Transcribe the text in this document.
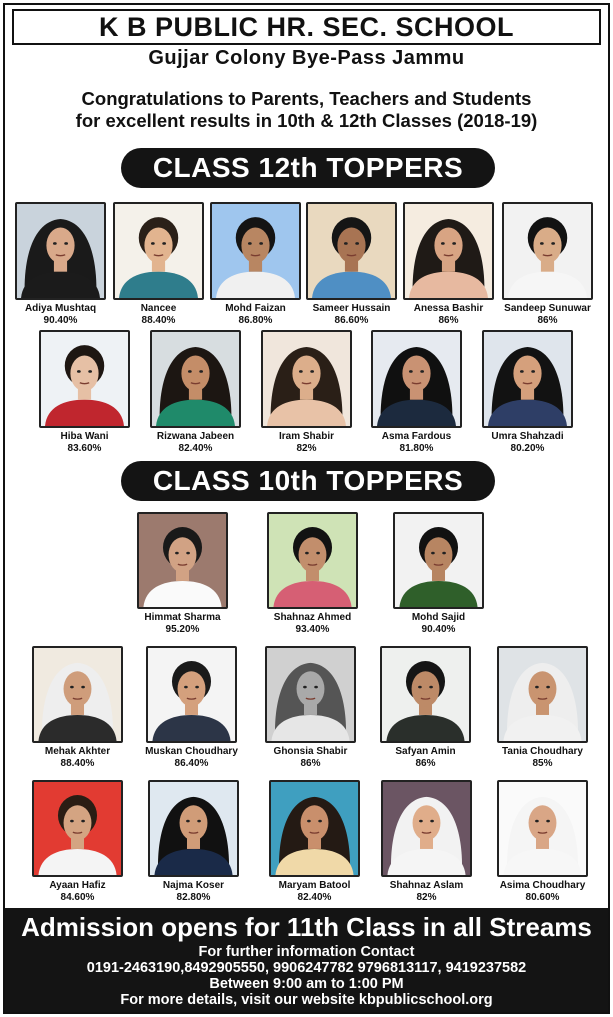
K B PUBLIC HR. SEC. SCHOOL
Gujjar Colony Bye-Pass Jammu
Congratulations to Parents, Teachers and Students
for excellent results in 10th & 12th Classes (2018-19)
CLASS 12th TOPPERS
Adiya Mushtaq
90.40%
Nancee
88.40%
Mohd Faizan
86.80%
Sameer Hussain
86.60%
Anessa Bashir
86%
Sandeep Sunuwar
86%
Hiba Wani
83.60%
Rizwana Jabeen
82.40%
Iram Shabir
82%
Asma Fardous
81.80%
Umra Shahzadi
80.20%
CLASS 10th TOPPERS
Himmat Sharma
95.20%
Shahnaz Ahmed
93.40%
Mohd Sajid
90.40%
Mehak Akhter
88.40%
Muskan Choudhary
86.40%
Ghonsia Shabir
86%
Safyan Amin
86%
Tania Choudhary
85%
Ayaan Hafiz
84.60%
Najma Koser
82.80%
Maryam Batool
82.40%
Shahnaz Aslam
82%
Asima Choudhary
80.60%
Admission opens for 11th Class in all Streams
For further information Contact
0191-2463190,8492905550, 9906247782 9796813117, 9419237582
Between 9:00 am to 1:00 PM
For more details, visit our website kbpublicschool.org
